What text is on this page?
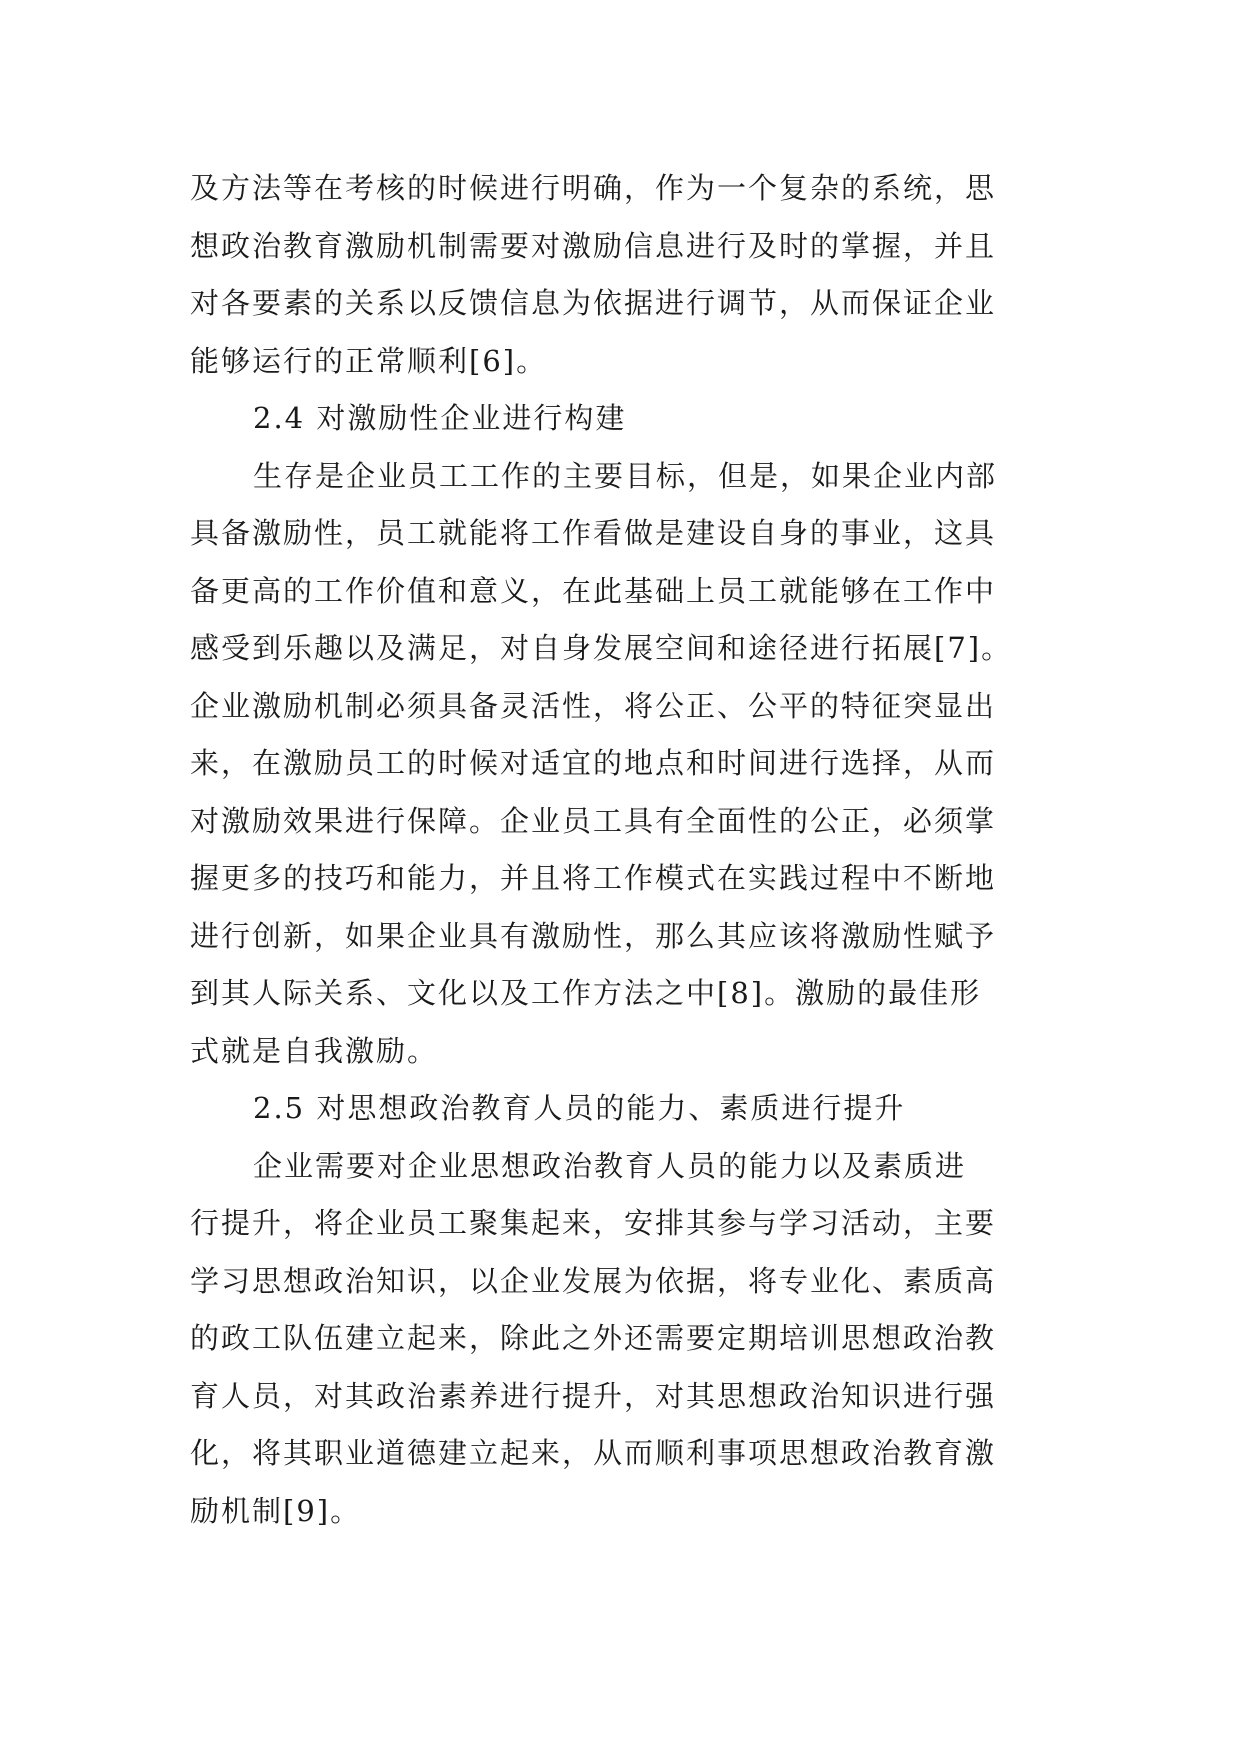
及方法等在考核的时候进行明确，作为一个复杂的系统，思
想政治教育激励机制需要对激励信息进行及时的掌握，并且
对各要素的关系以反馈信息为依据进行调节，从而保证企业
能够运行的正常顺利[6]。
2.4 对激励性企业进行构建
生存是企业员工工作的主要目标，但是，如果企业内部
具备激励性，员工就能将工作看做是建设自身的事业，这具
备更高的工作价值和意义，在此基础上员工就能够在工作中
感受到乐趣以及满足，对自身发展空间和途径进行拓展[7]。
企业激励机制必须具备灵活性，将公正、公平的特征突显出
来，在激励员工的时候对适宜的地点和时间进行选择，从而
对激励效果进行保障。企业员工具有全面性的公正，必须掌
握更多的技巧和能力，并且将工作模式在实践过程中不断地
进行创新，如果企业具有激励性，那么其应该将激励性赋予
到其人际关系、文化以及工作方法之中[8]。激励的最佳形
式就是自我激励。
2.5 对思想政治教育人员的能力、素质进行提升
企业需要对企业思想政治教育人员的能力以及素质进
行提升，将企业员工聚集起来，安排其参与学习活动，主要
学习思想政治知识，以企业发展为依据，将专业化、素质高
的政工队伍建立起来，除此之外还需要定期培训思想政治教
育人员，对其政治素养进行提升，对其思想政治知识进行强
化，将其职业道德建立起来，从而顺利事项思想政治教育激
励机制[9]。
